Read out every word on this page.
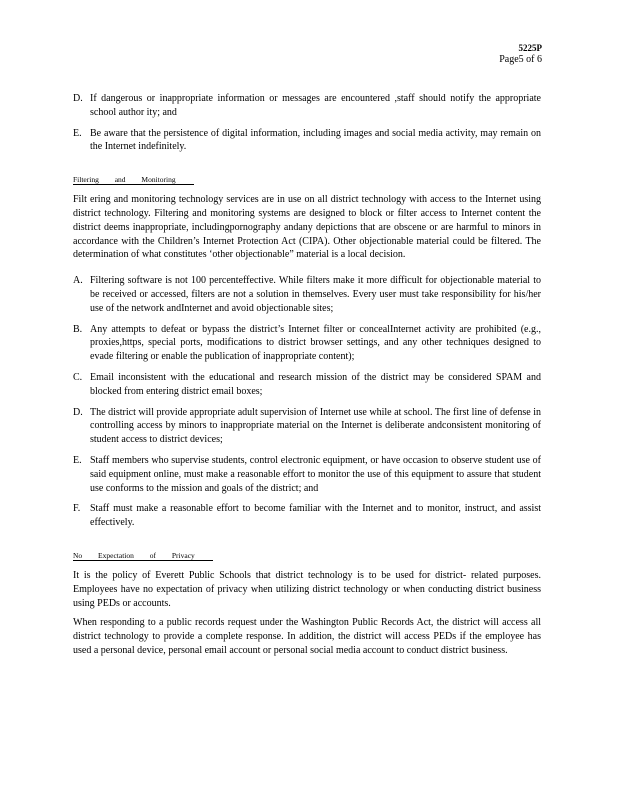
5225P
Page5 of 6
D. If dangerous or inappropriate information or messages are encountered ,staff should notify the appropriate school author ity; and
E. Be aware that the persistence of digital information, including images and social media activity, may remain on the Internet indefinitely.
Filtering and Monitoring

Filt ering and monitoring technology services are in use on all district technology with access to the Internet using district technology. Filtering and monitoring systems are designed to block or filter access to Internet content the district deems inappropriate, includingpornography andany depictions that are obscene or are harmful to minors in accordance with the Children’s Internet Protection Act (CIPA). Other objectionable material could be filtered. The determination of what constitutes ‘other objectionable” material is a local decision.

A. Filtering software is not 100 percenteffective. While filters make it more difficult for objectionable material to be received or accessed, filters are not a solution in themselves. Every user must take responsibility for his/her use of the network andInternet and avoid objectionable sites;
B. Any attempts to defeat or bypass the district’s Internet filter or concealInternet activity are prohibited (e.g., proxies,https, special ports, modifications to district browser settings, and any other techniques designed to evade filtering or enable the publication of inappropriate content);
C. Email inconsistent with the educational and research mission of the district may be considered SPAM and blocked from entering district email boxes;
D. The district will provide appropriate adult supervision of Internet use while at school. The first line of defense in controlling access by minors to inappropriate material on the Internet is deliberate andconsistent monitoring of student access to district devices;
E. Staff members who supervise students, control electronic equipment, or have occasion to observe student use of said equipment online, must make a reasonable effort to monitor the use of this equipment to assure that student use conforms to the mission and goals of the district; and
F. Staff must make a reasonable effort to become familiar with the Internet and to monitor, instruct, and assist effectively.
No Expectation of Privacy

It is the policy of Everett Public Schools that district technology is to be used for district- related purposes. Employees have no expectation of privacy when utilizing district technology or when conducting district business using PEDs or accounts.

When responding to a public records request under the Washington Public Records Act, the district will access all district technology to provide a complete response. In addition, the district will access PEDs if the employee has used a personal device, personal email account or personal social media account to conduct district business.
